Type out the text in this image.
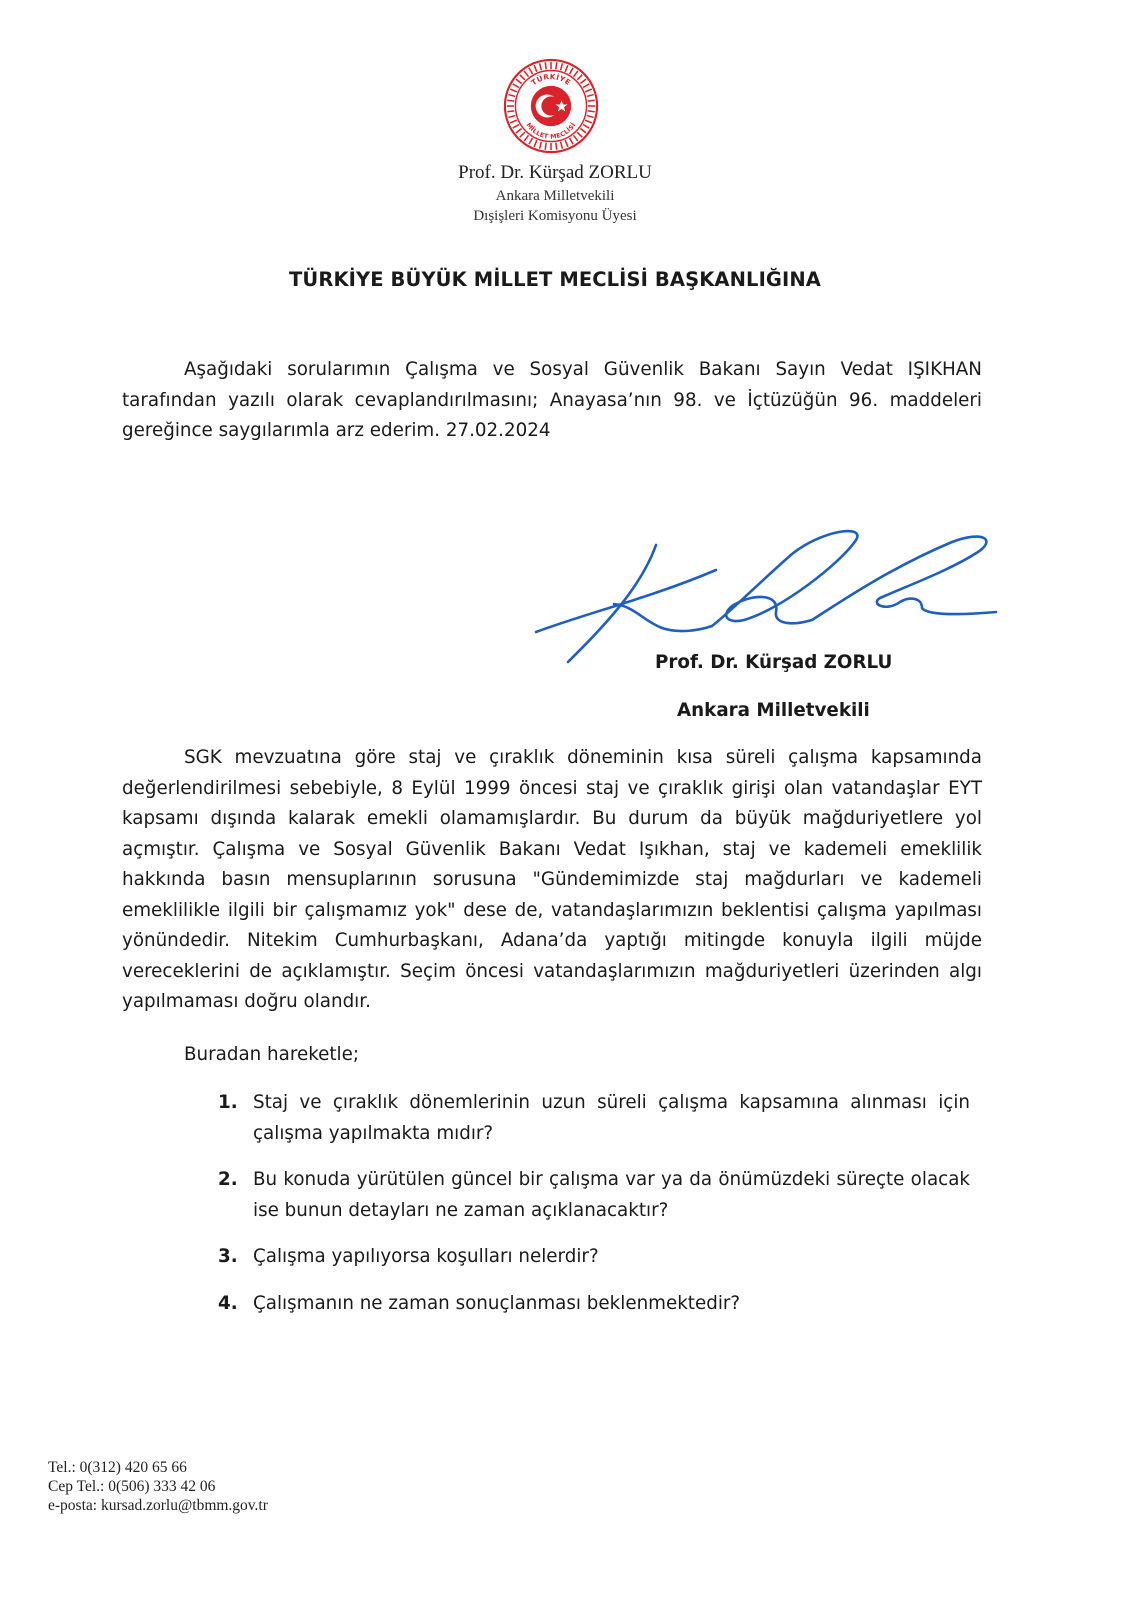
TÜRKİYE
MİLLET MECLİSİ
Prof. Dr. Kürşad ZORLU
Ankara Milletvekili
Dışişleri Komisyonu Üyesi
TÜRKİYE BÜYÜK MİLLET MECLİSİ BAŞKANLIĞINA

Aşağıdaki sorularımın Çalışma ve Sosyal Güvenlik Bakanı Sayın Vedat IŞIKHAN tarafından yazılı olarak cevaplandırılmasını; Anayasa’nın 98. ve İçtüzüğün 96. maddeleri gereğince saygılarımla arz ederim. 27.02.2024

Prof. Dr. Kürşad ZORLU
Ankara Milletvekili

SGK mevzuatına göre staj ve çıraklık döneminin kısa süreli çalışma kapsamında değerlendirilmesi sebebiyle, 8 Eylül 1999 öncesi staj ve çıraklık girişi olan vatandaşlar EYT kapsamı dışında kalarak emekli olamamışlardır. Bu durum da büyük mağduriyetlere yol açmıştır. Çalışma ve Sosyal Güvenlik Bakanı Vedat Işıkhan, staj ve kademeli emeklilik hakkında basın mensuplarının sorusuna "Gündemimizde staj mağdurları ve kademeli emeklilikle ilgili bir çalışmamız yok" dese de, vatandaşlarımızın beklentisi çalışma yapılması yönündedir. Nitekim Cumhurbaşkanı, Adana’da yaptığı mitingde konuyla ilgili müjde vereceklerini de açıklamıştır. Seçim öncesi vatandaşlarımızın mağduriyetleri üzerinden algı yapılmaması doğru olandır.

Buradan hareketle;
1. Staj ve çıraklık dönemlerinin uzun süreli çalışma kapsamına alınması için çalışma yapılmakta mıdır?
2. Bu konuda yürütülen güncel bir çalışma var ya da önümüzdeki süreçte olacak ise bunun detayları ne zaman açıklanacaktır?
3. Çalışma yapılıyorsa koşulları nelerdir?
4. Çalışmanın ne zaman sonuçlanması beklenmektedir?
Tel.: 0(312) 420 65 66
Cep Tel.: 0(506) 333 42 06
e-posta: kursad.zorlu@tbmm.gov.tr
